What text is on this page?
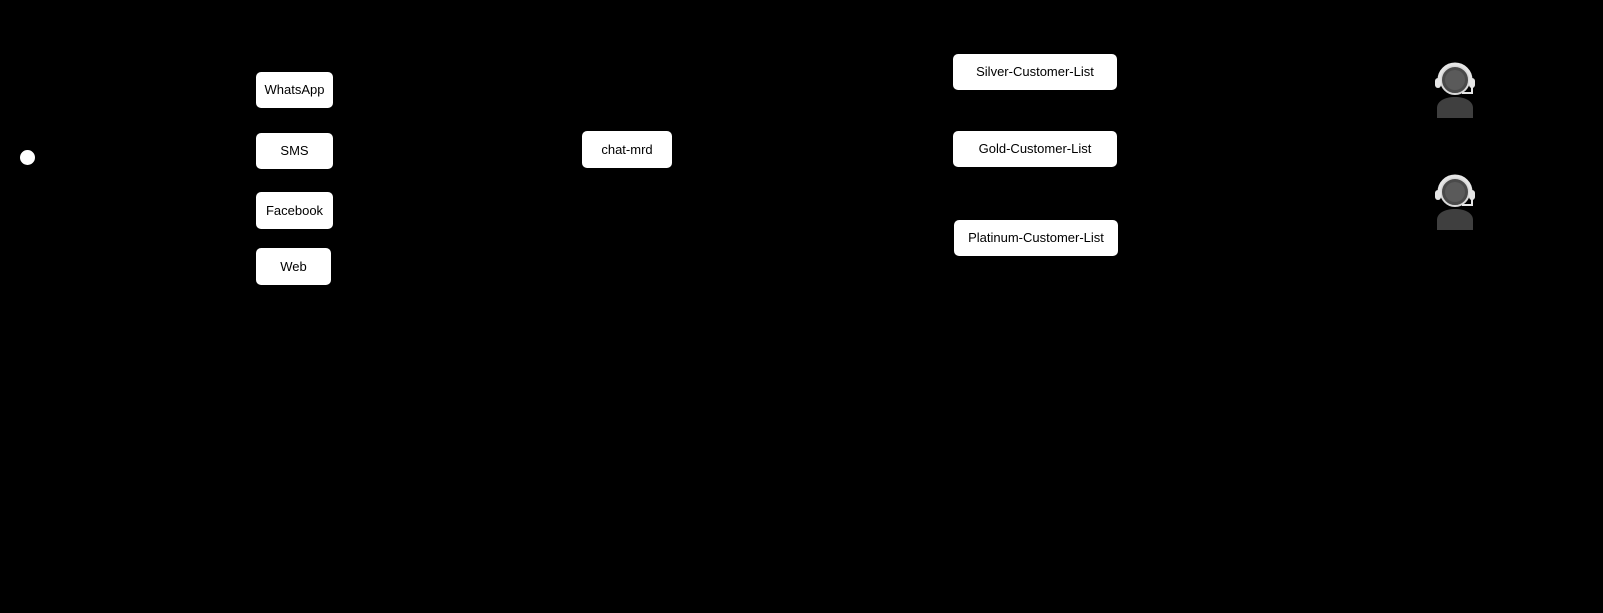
WhatsApp
SMS
Facebook
Web
chat-mrd
Silver-Customer-List
Gold-Customer-List
Platinum-Customer-List
